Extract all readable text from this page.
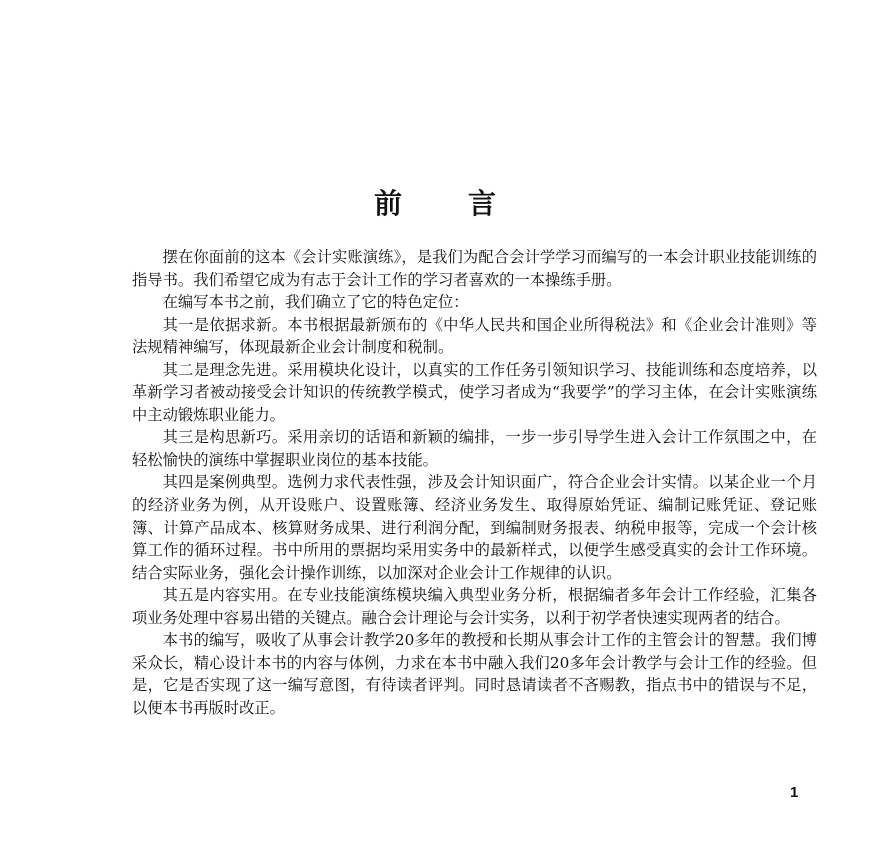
前 言

摆在你面前的这本《会计实账演练》，是我们为配合会计学学习而编写的一本会计职业技能训练的指导书。我们希望它成为有志于会计工作的学习者喜欢的一本操练手册。

在编写本书之前，我们确立了它的特色定位：

其一是依据求新。本书根据最新颁布的《中华人民共和国企业所得税法》和《企业会计准则》等法规精神编写，体现最新企业会计制度和税制。

其二是理念先进。采用模块化设计，以真实的工作任务引领知识学习、技能训练和态度培养，以革新学习者被动接受会计知识的传统教学模式，使学习者成为“我要学”的学习主体，在会计实账演练中主动锻炼职业能力。

其三是构思新巧。采用亲切的话语和新颖的编排，一步一步引导学生进入会计工作氛围之中，在轻松愉快的演练中掌握职业岗位的基本技能。

其四是案例典型。选例力求代表性强，涉及会计知识面广，符合企业会计实情。以某企业一个月的经济业务为例，从开设账户、设置账簿、经济业务发生、取得原始凭证、编制记账凭证、登记账簿、计算产品成本、核算财务成果、进行利润分配，到编制财务报表、纳税申报等，完成一个会计核算工作的循环过程。书中所用的票据均采用实务中的最新样式，以便学生感受真实的会计工作环境。结合实际业务，强化会计操作训练，以加深对企业会计工作规律的认识。

其五是内容实用。在专业技能演练模块编入典型业务分析，根据编者多年会计工作经验，汇集各项业务处理中容易出错的关键点。融合会计理论与会计实务，以利于初学者快速实现两者的结合。

本书的编写，吸收了从事会计教学20多年的教授和长期从事会计工作的主管会计的智慧。我们博采众长，精心设计本书的内容与体例，力求在本书中融入我们20多年会计教学与会计工作的经验。但是，它是否实现了这一编写意图，有待读者评判。同时恳请读者不吝赐教，指点书中的错误与不足，以便本书再版时改正。

1
